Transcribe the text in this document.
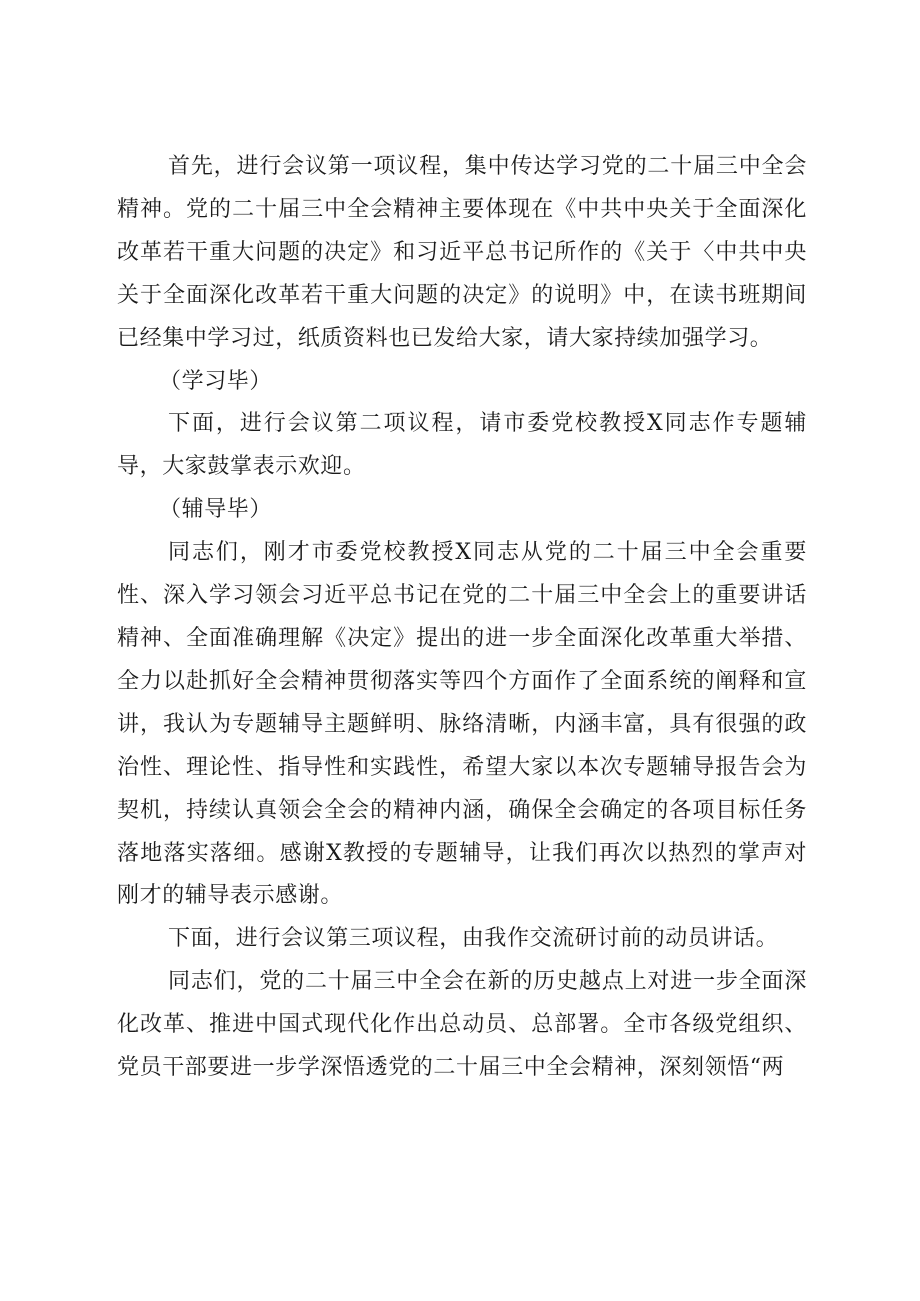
首先，进行会议第一项议程，集中传达学习党的二十届三中全会精神。党的二十届三中全会精神主要体现在《中共中央关于全面深化改革若干重大问题的决定》和习近平总书记所作的《关于〈中共中央关于全面深化改革若干重大问题的决定》的说明》中，在读书班期间已经集中学习过，纸质资料也已发给大家，请大家持续加强学习。

（学习毕）

下面，进行会议第二项议程，请市委党校教授X同志作专题辅导，大家鼓掌表示欢迎。

（辅导毕）

同志们，刚才市委党校教授X同志从党的二十届三中全会重要性、深入学习领会习近平总书记在党的二十届三中全会上的重要讲话精神、全面准确理解《决定》提出的进一步全面深化改革重大举措、全力以赴抓好全会精神贯彻落实等四个方面作了全面系统的阐释和宣讲，我认为专题辅导主题鲜明、脉络清晰，内涵丰富，具有很强的政治性、理论性、指导性和实践性，希望大家以本次专题辅导报告会为契机，持续认真领会全会的精神内涵，确保全会确定的各项目标任务落地落实落细。感谢X教授的专题辅导，让我们再次以热烈的掌声对刚才的辅导表示感谢。

下面，进行会议第三项议程，由我作交流研讨前的动员讲话。

同志们，党的二十届三中全会在新的历史越点上对进一步全面深化改革、推进中国式现代化作出总动员、总部署。全市各级党组织、党员干部要进一步学深悟透党的二十届三中全会精神，深刻领悟“两
